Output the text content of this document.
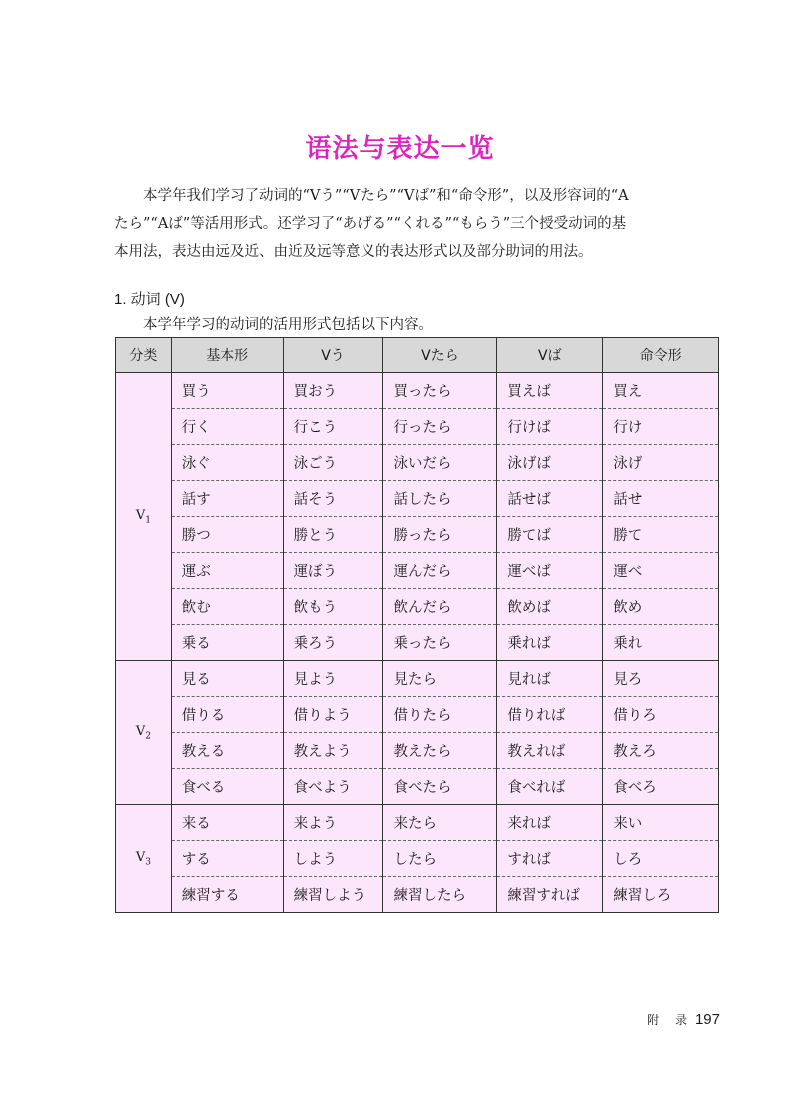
语法与表达一览
本学年我们学习了动词的“Vう”“Vたら”“Vば”和“命令形”，以及形容词的“A
たら”“Aば”等活用形式。还学习了“あげる”“くれる”“もらう”三个授受动词的基
本用法，表达由远及近、由近及远等意义的表达形式以及部分助词的用法。
1. 动词 (V)
本学年学习的动词的活用形式包括以下内容。
分类	基本形	Vう	Vたら	Vば	命令形
$V_1$	買う	買おう	買ったら	買えば	買え
	行く	行こう	行ったら	行けば	行け
	泳ぐ	泳ごう	泳いだら	泳げば	泳げ
	話す	話そう	話したら	話せば	話せ
	勝つ	勝とう	勝ったら	勝てば	勝て
	運ぶ	運ぼう	運んだら	運べば	運べ
	飲む	飲もう	飲んだら	飲めば	飲め
	乗る	乗ろう	乗ったら	乗れば	乗れ
$V_2$	見る	見よう	見たら	見れば	見ろ
	借りる	借りよう	借りたら	借りれば	借りろ
	教える	教えよう	教えたら	教えれば	教えろ
	食べる	食べよう	食べたら	食べれば	食べろ
$V_3$	来る	来よう	来たら	来れば	来い
	する	しよう	したら	すれば	しろ
	練習する	練習しよう	練習したら	練習すれば	練習しろ
附 录 197
